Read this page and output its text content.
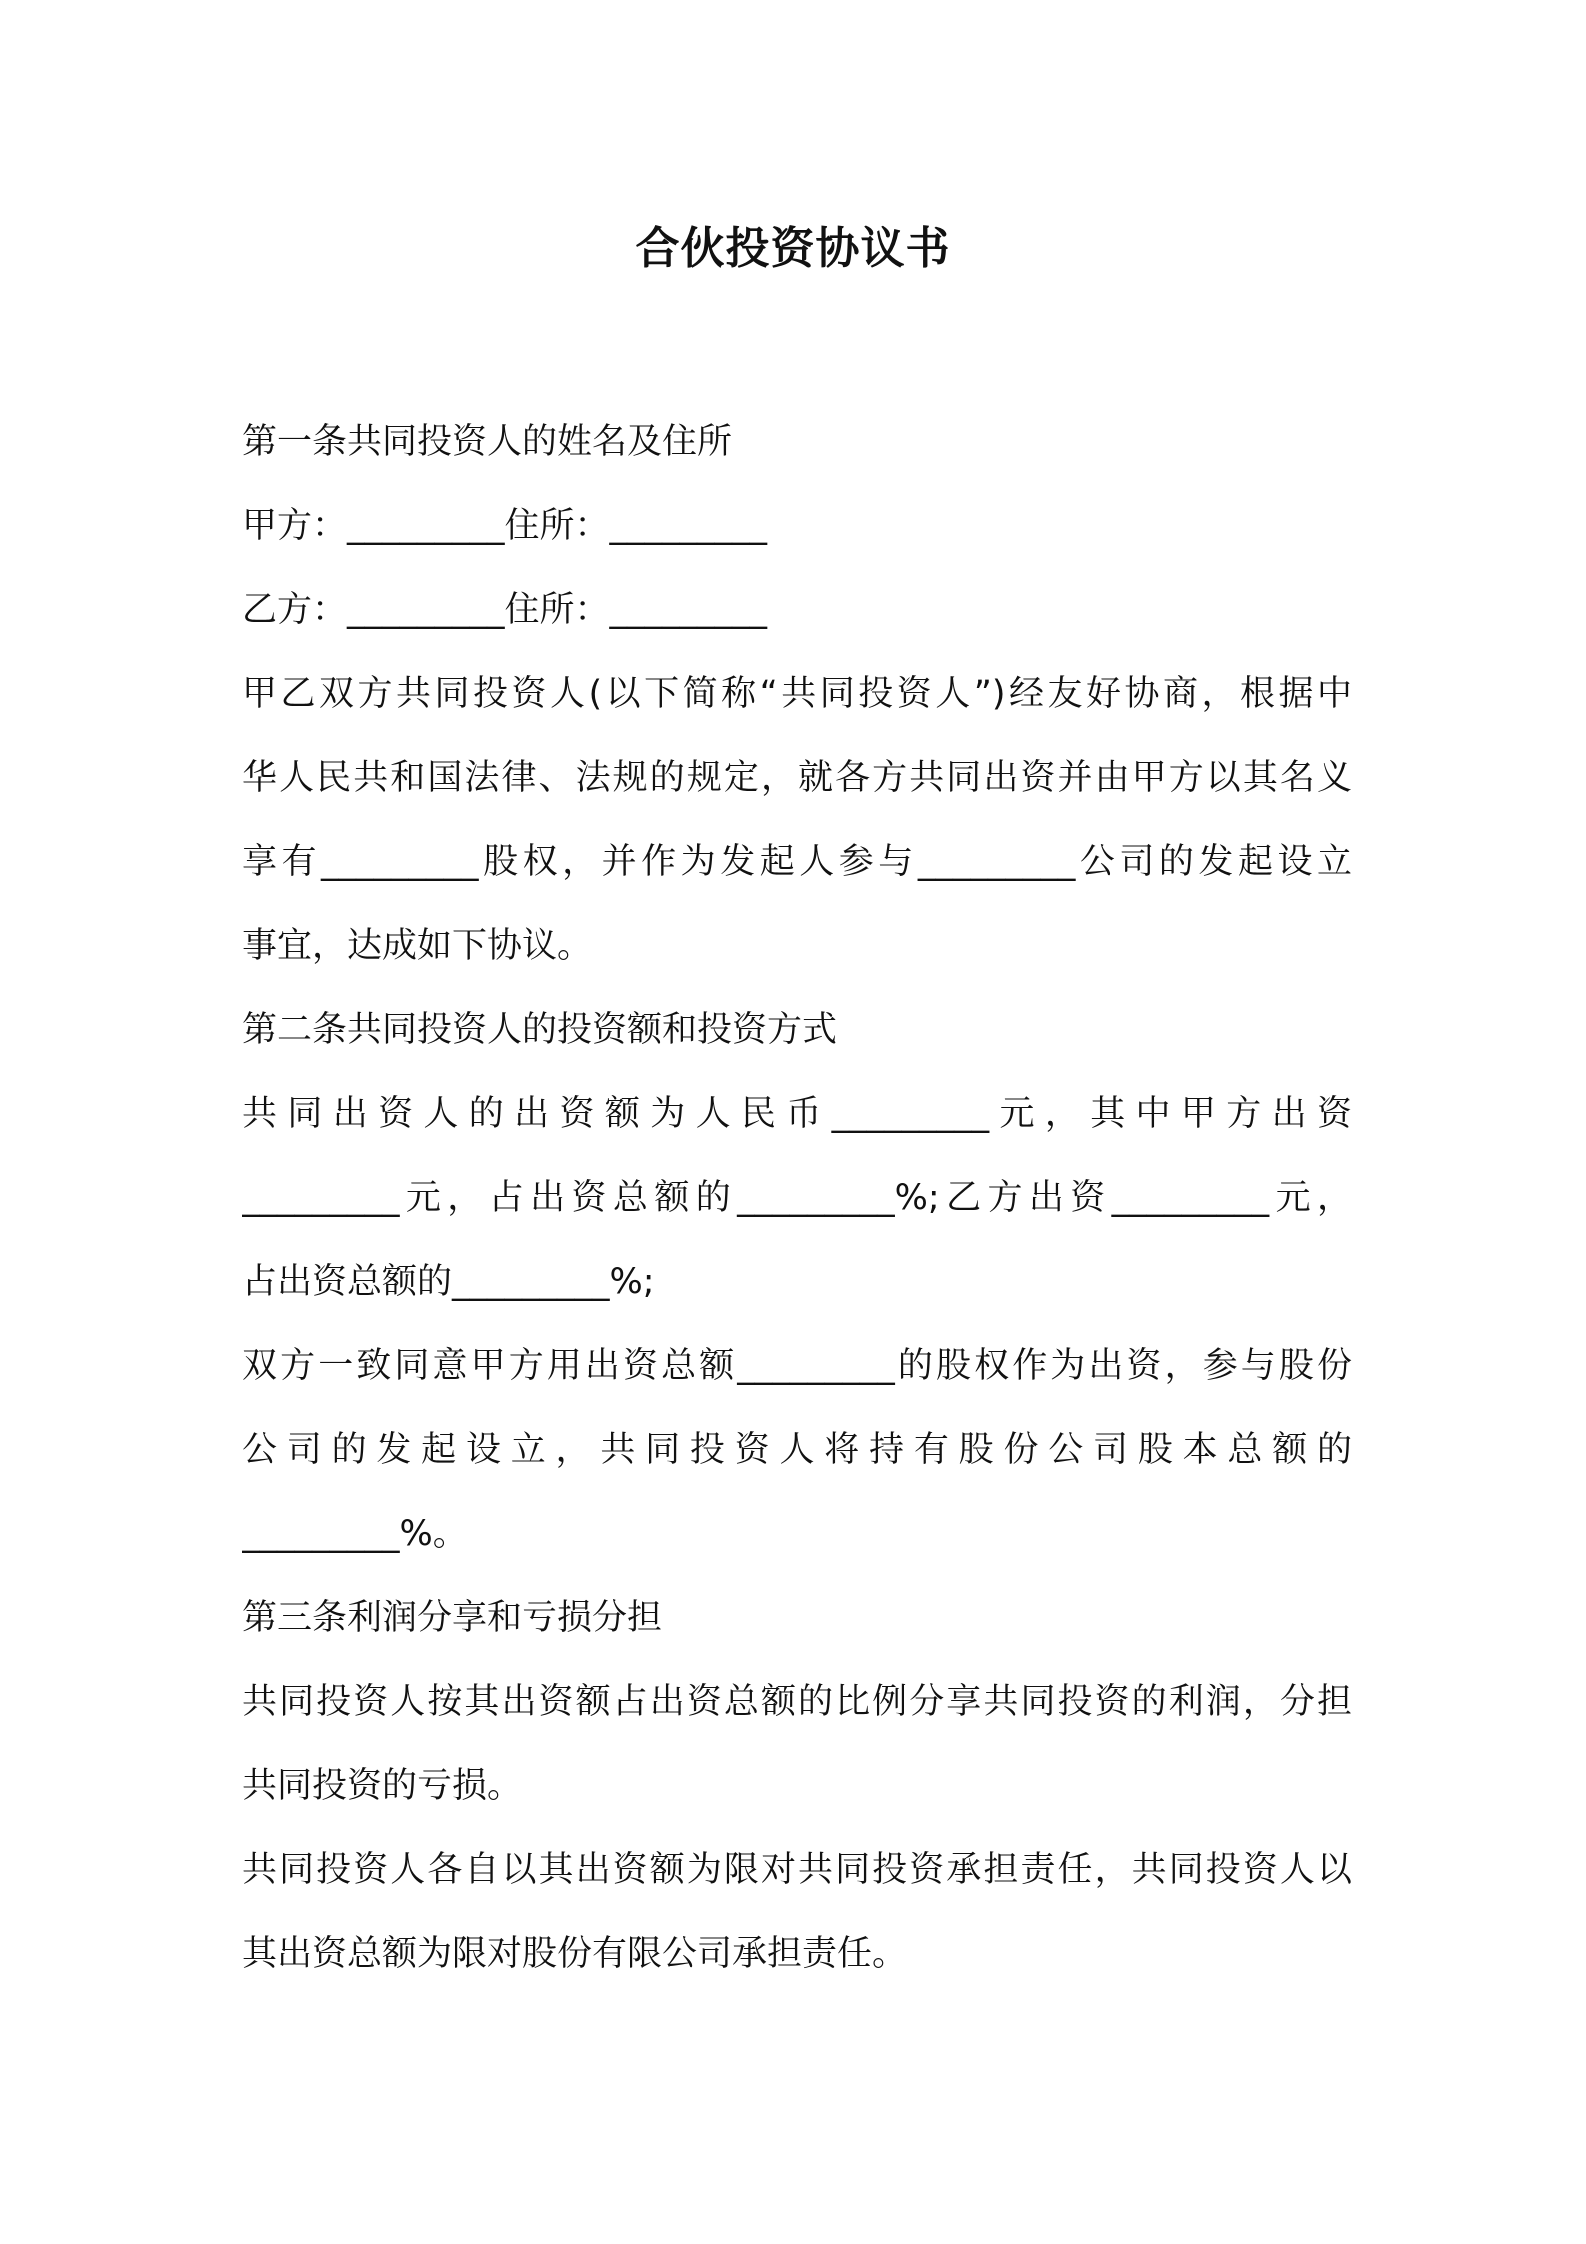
合伙投资协议书
第一条共同投资人的姓名及住所
甲方：_________住所：_________
乙方：_________住所：_________
甲乙双方共同投资人(以下简称“共同投资人”)经友好协商，根据中
华人民共和国法律、法规的规定，就各方共同出资并由甲方以其名义
享有_________股权，并作为发起人参与_________公司的发起设立
事宜，达成如下协议。
第二条共同投资人的投资额和投资方式
共同出资人的出资额为人民币_________元，其中甲方出资
_________元，占出资总额的_________%;乙方出资_________元，
占出资总额的_________%;
双方一致同意甲方用出资总额_________的股权作为出资，参与股份
公司的发起设立，共同投资人将持有股份公司股本总额的
_________%。
第三条利润分享和亏损分担
共同投资人按其出资额占出资总额的比例分享共同投资的利润，分担
共同投资的亏损。
共同投资人各自以其出资额为限对共同投资承担责任，共同投资人以
其出资总额为限对股份有限公司承担责任。
